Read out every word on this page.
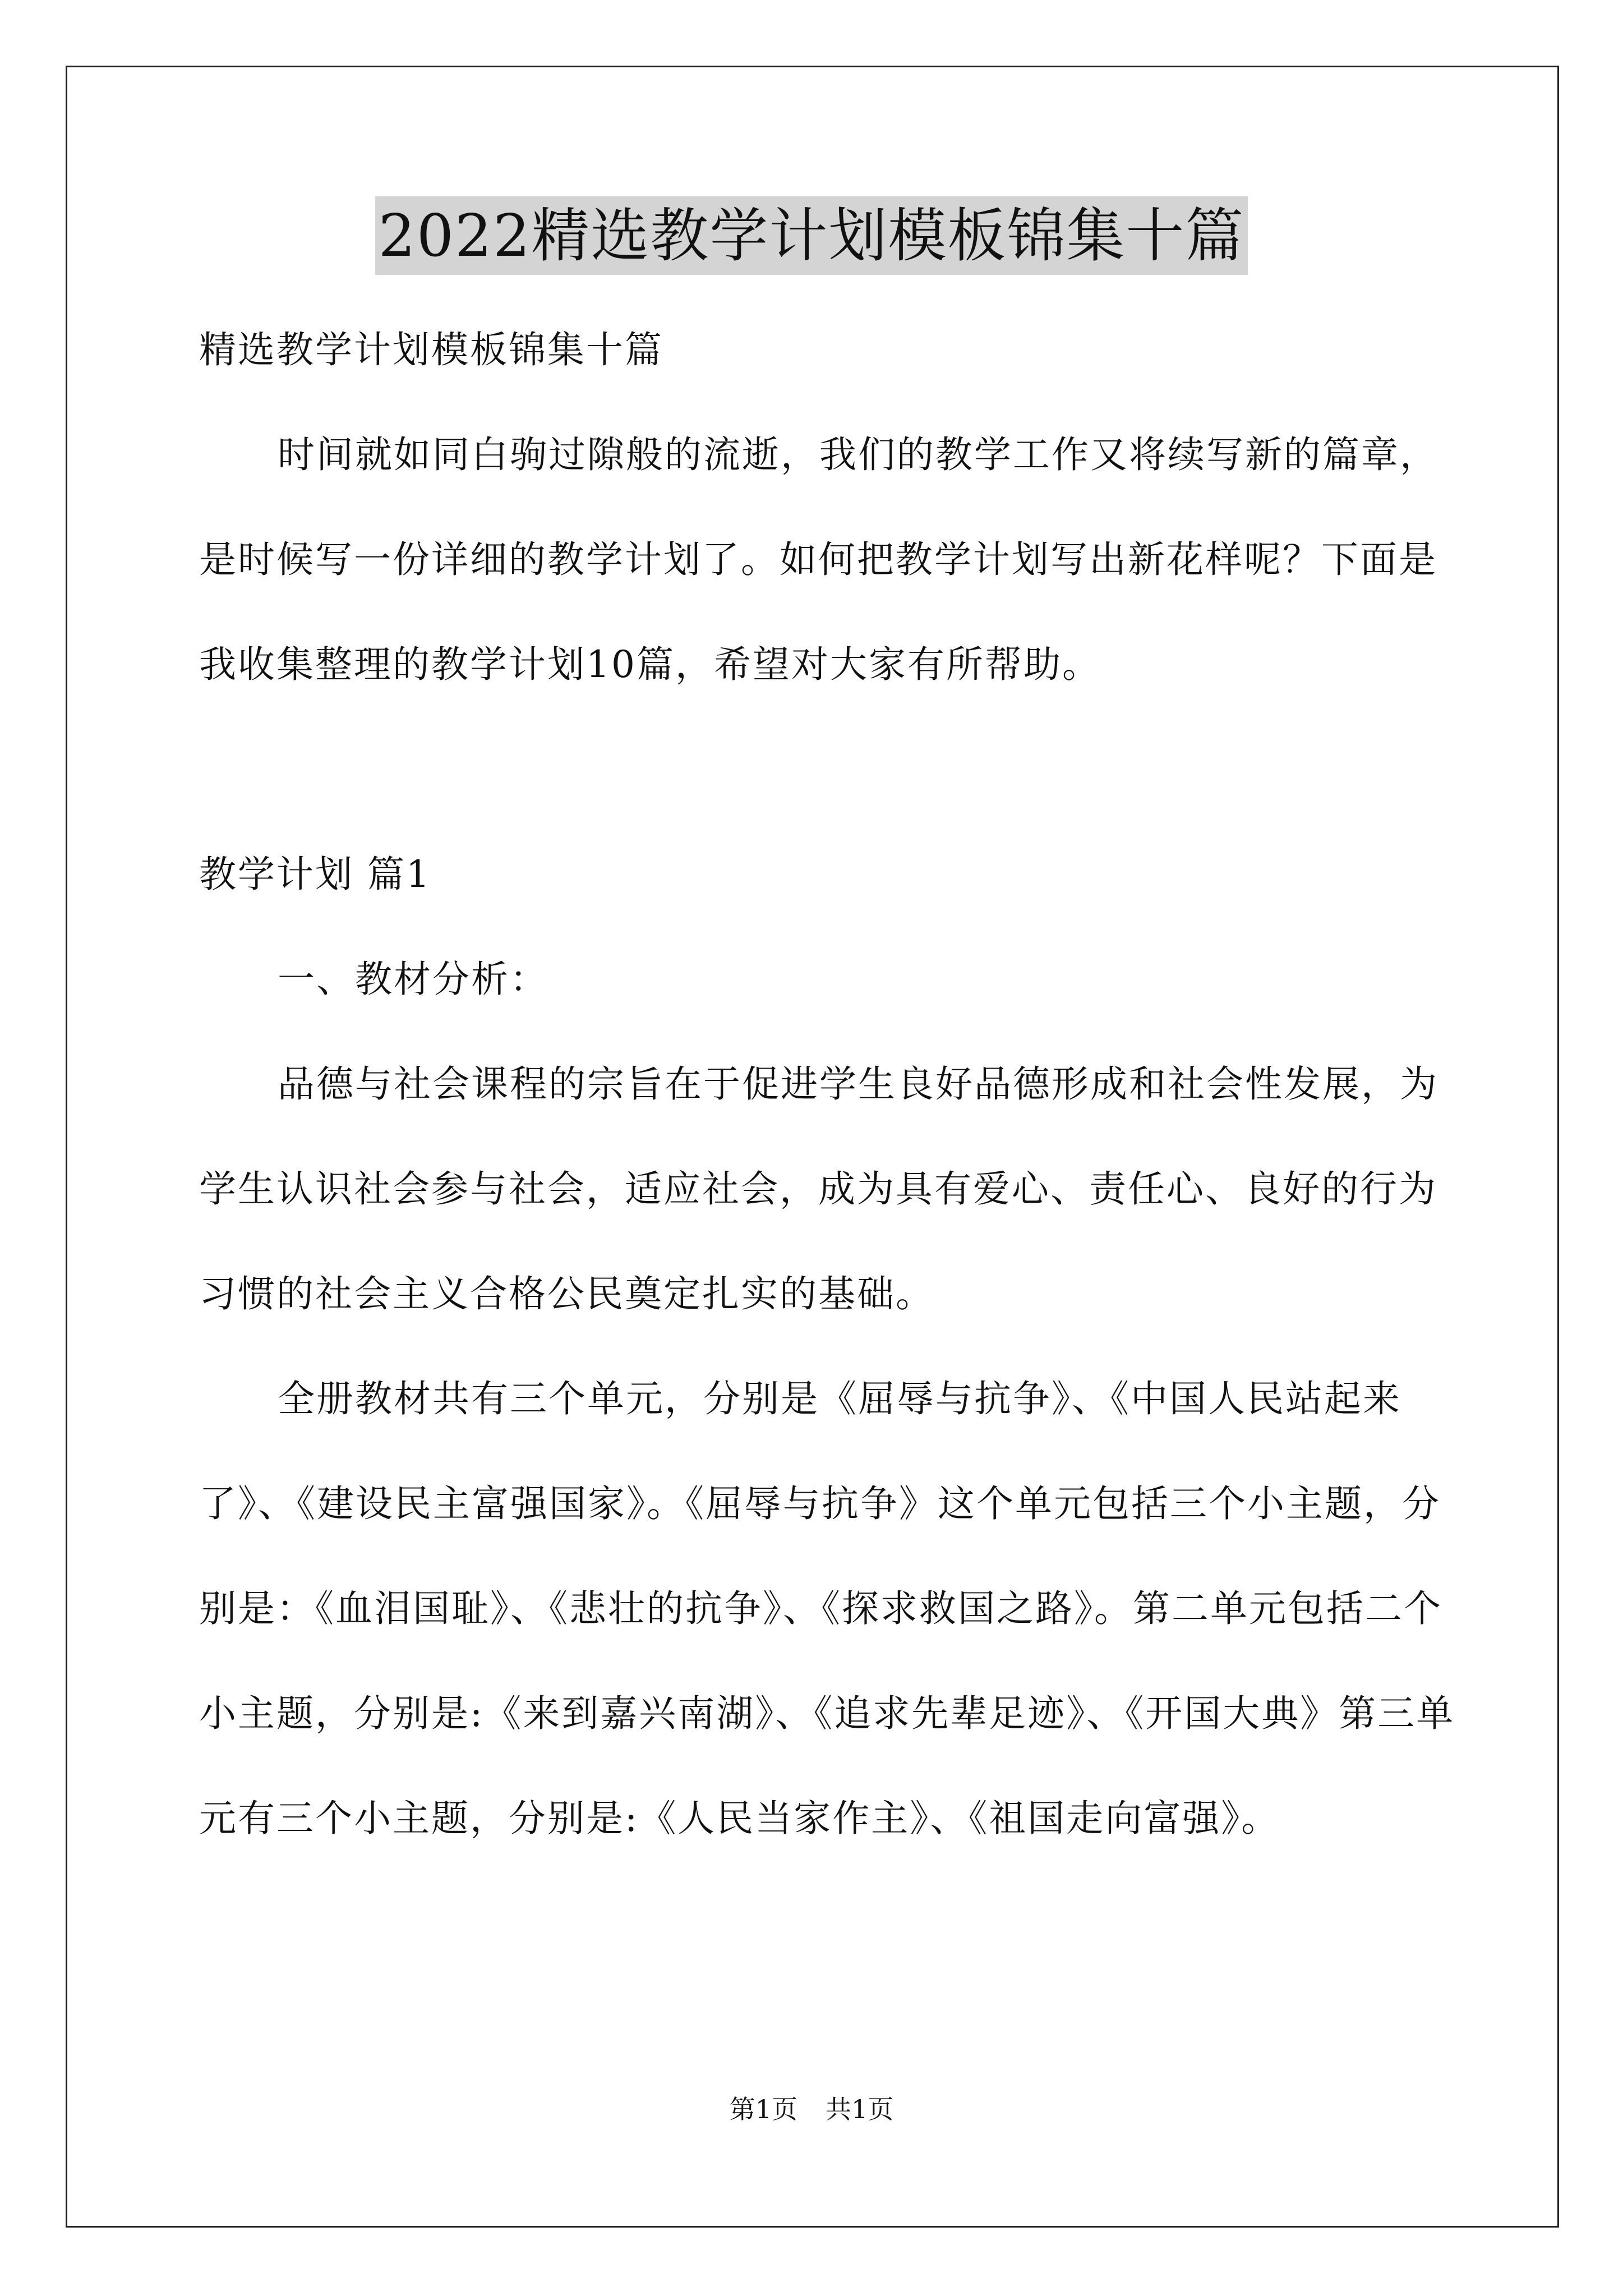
2022精选教学计划模板锦集十篇

精选教学计划模板锦集十篇

时间就如同白驹过隙般的流逝，我们的教学工作又将续写新的篇章，是时候写一份详细的教学计划了。如何把教学计划写出新花样呢？下面是我收集整理的教学计划10篇，希望对大家有所帮助。

教学计划 篇1

一、教材分析：

品德与社会课程的宗旨在于促进学生良好品德形成和社会性发展，为学生认识社会参与社会，适应社会，成为具有爱心、责任心、良好的行为习惯的社会主义合格公民奠定扎实的基础。

全册教材共有三个单元，分别是《屈辱与抗争》、《中国人民站起来了》、《建设民主富强国家》。《屈辱与抗争》这个单元包括三个小主题，分别是：《血泪国耻》、《悲壮的抗争》、《探求救国之路》。第二单元包括二个小主题，分别是:《来到嘉兴南湖》、《追求先辈足迹》、《开国大典》第三单元有三个小主题，分别是:《人民当家作主》、《祖国走向富强》。

第1页 共1页
